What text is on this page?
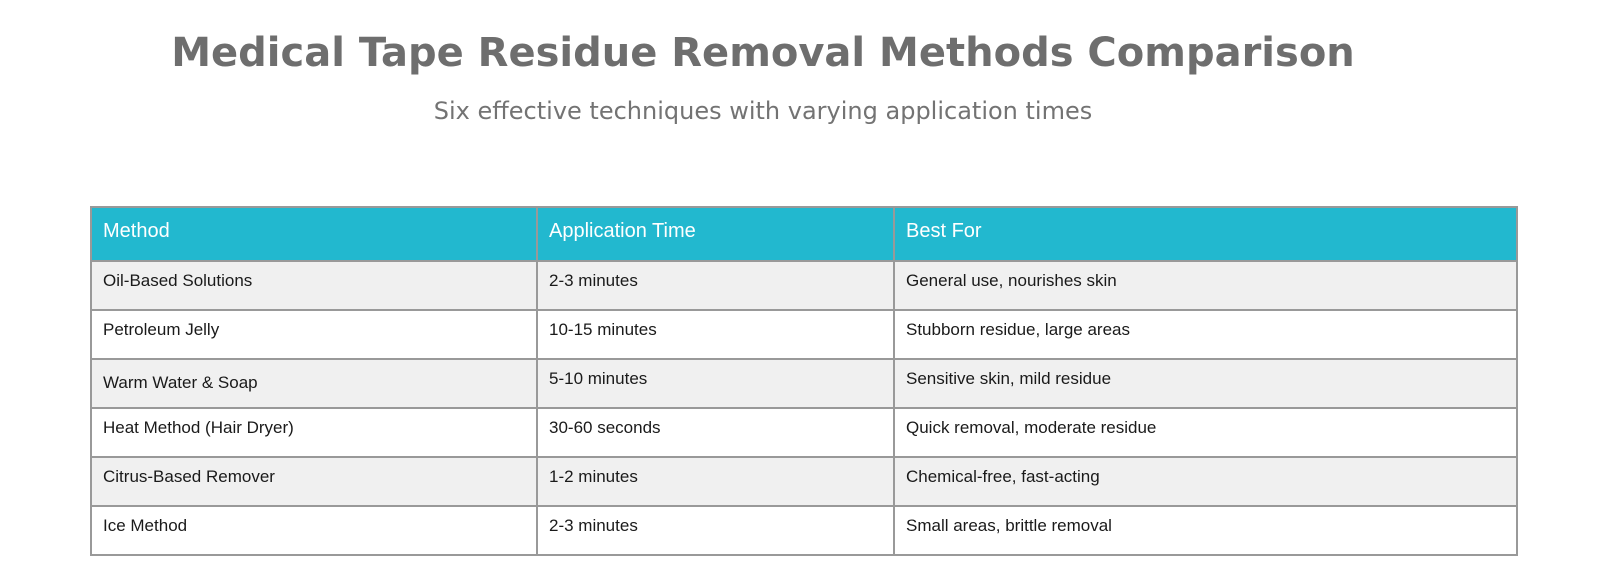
Medical Tape Residue Removal Methods Comparison

Six effective techniques with varying application times

Method	Application Time	Best For
Oil-Based Solutions	2-3 minutes	General use, nourishes skin
Petroleum Jelly	10-15 minutes	Stubborn residue, large areas
Warm Water & Soap	5-10 minutes	Sensitive skin, mild residue
Heat Method (Hair Dryer)	30-60 seconds	Quick removal, moderate residue
Citrus-Based Remover	1-2 minutes	Chemical-free, fast-acting
Ice Method	2-3 minutes	Small areas, brittle removal
